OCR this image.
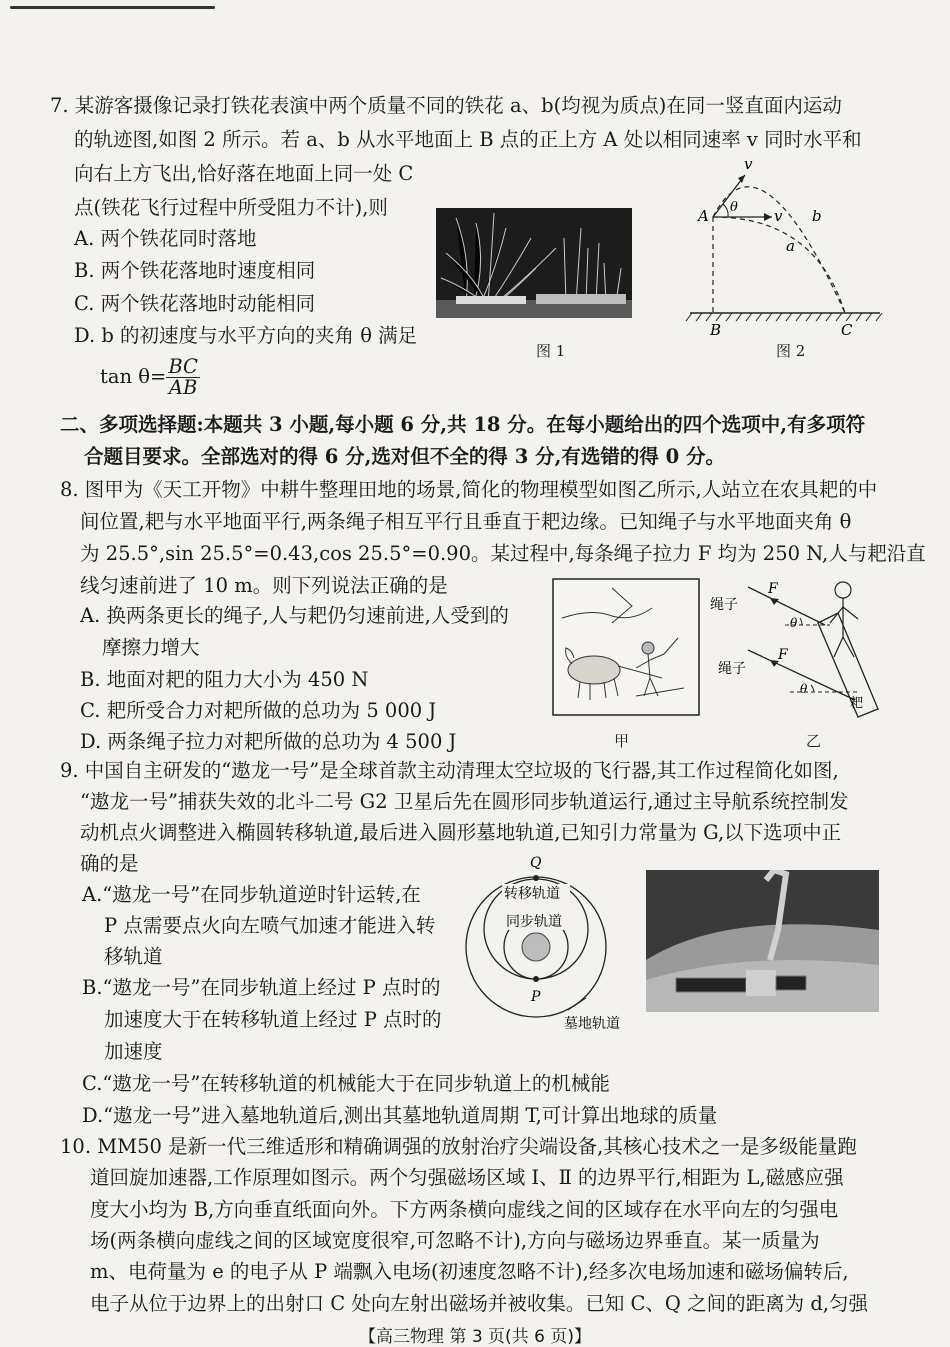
7. 某游客摄像记录打铁花表演中两个质量不同的铁花 a、b(均视为质点)在同一竖直面内运动
的轨迹图,如图 2 所示。若 a、b 从水平地面上 B 点的正上方 A 处以相同速率 v 同时水平和
向右上方飞出,恰好落在地面上同一处 C
点(铁花飞行过程中所受阻力不计),则
A. 两个铁花同时落地
B. 两个铁花落地时速度相同
C. 两个铁花落地时动能相同
D. b 的初速度与水平方向的夹角 θ 满足
$\tan \theta= \frac{BC}{AB}$
图 1
A
B	C
v
v
θ
a
b
图 2
二、多项选择题:本题共 3 小题,每小题 6 分,共 18 分。在每小题给出的四个选项中,有多项符
合题目要求。全部选对的得 6 分,选对但不全的得 3 分,有选错的得 0 分。
8. 图甲为《天工开物》中耕牛整理田地的场景,简化的物理模型如图乙所示,人站立在农具耙的中
间位置,耙与水平地面平行,两条绳子相互平行且垂直于耙边缘。已知绳子与水平地面夹角 θ
为 25.5°,sin 25.5°=0.43,cos 25.5°=0.90。某过程中,每条绳子拉力 F 均为 250 N,人与耙沿直
线匀速前进了 10 m。则下列说法正确的是
A. 换两条更长的绳子,人与耙仍匀速前进,人受到的
摩擦力增大
B. 地面对耙的阻力大小为 450 N
C. 耙所受合力对耙所做的总功为 5 000 J
D. 两条绳子拉力对耙所做的总功为 4 500 J	甲
绳子
绳子
F
F
θ
θ
耙
乙
9. 中国自主研发的“遨龙一号”是全球首款主动清理太空垃圾的飞行器,其工作过程简化如图,
“遨龙一号”捕获失效的北斗二号 G2 卫星后先在圆形同步轨道运行,通过主导航系统控制发
动机点火调整进入椭圆转移轨道,最后进入圆形墓地轨道,已知引力常量为 G,以下选项中正
确的是
A.“遨龙一号”在同步轨道逆时针运转,在
P 点需要点火向左喷气加速才能进入转
移轨道
B.“遨龙一号”在同步轨道上经过 P 点时的
加速度大于在转移轨道上经过 P 点时的
加速度
C.“遨龙一号”在转移轨道的机械能大于在同步轨道上的机械能
D.“遨龙一号”进入墓地轨道后,测出其墓地轨道周期 T,可计算出地球的质量
Q
P
转移轨道
同步轨道
墓地轨道
10. MM50 是新一代三维适形和精确调强的放射治疗尖端设备,其核心技术之一是多级能量跑
道回旋加速器,工作原理如图示。两个匀强磁场区域 Ⅰ、Ⅱ 的边界平行,相距为 L,磁感应强
度大小均为 B,方向垂直纸面向外。下方两条横向虚线之间的区域存在水平向左的匀强电
场(两条横向虚线之间的区域宽度很窄,可忽略不计),方向与磁场边界垂直。某一质量为
m、电荷量为 e 的电子从 P 端飘入电场(初速度忽略不计),经多次电场加速和磁场偏转后,
电子从位于边界上的出射口 C 处向左射出磁场并被收集。已知 C、Q 之间的距离为 d,匀强
【高三物理 第 3 页(共 6 页)】
